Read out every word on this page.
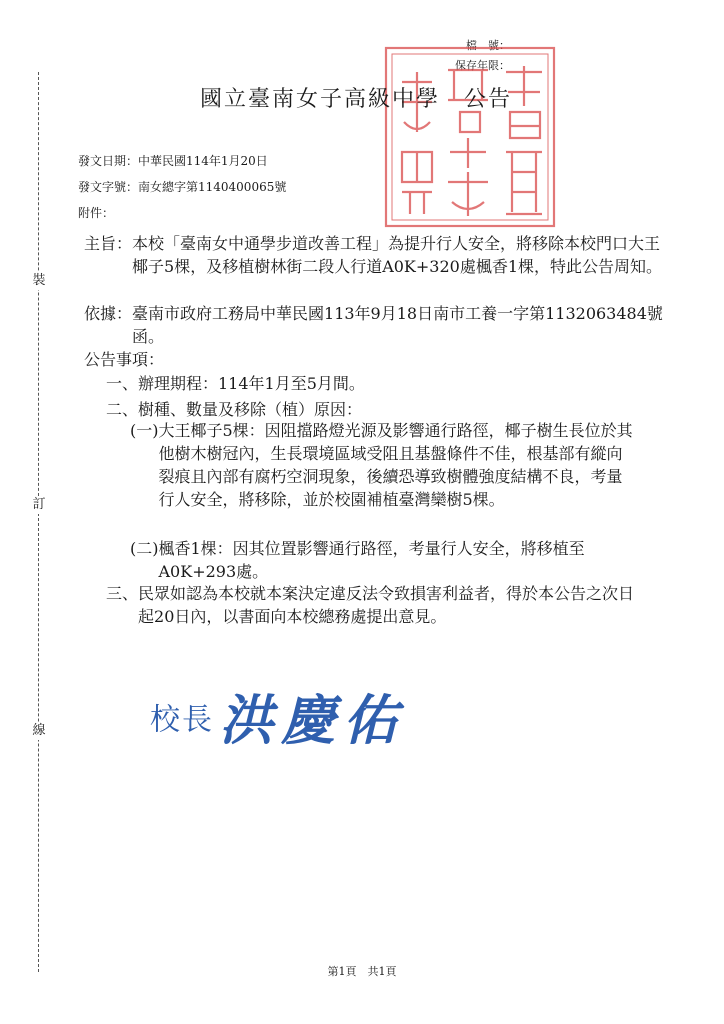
檔　號：
保存年限：
裝
訂
線
國立臺南女子高級中學　公告
發文日期：中華民國114年1月20日
發文字號：南女總字第1140400065號
附件：
主旨： 本校「臺南女中通學步道改善工程」為提升行人安全，將移除本校門口大王椰子5棵，及移植樹林街二段人行道A0K+320處楓香1棵，特此公告周知。
依據： 臺南市政府工務局中華民國113年9月18日南市工養一字第1132063484號函。
公告事項：
一、辦理期程：114年1月至5月間。
二、樹種、數量及移除（植）原因：
(一) 大王椰子5棵：因阻擋路燈光源及影響通行路徑，椰子樹生長位於其他樹木樹冠內，生長環境區域受阻且基盤條件不佳，根基部有縱向裂痕且內部有腐朽空洞現象，後續恐導致樹體強度結構不良，考量行人安全，將移除，並於校園補植臺灣欒樹5棵。
(二) 楓香1棵：因其位置影響通行路徑，考量行人安全，將移植至A0K+293處。
三、 民眾如認為本校就本案決定違反法令致損害利益者，得於本公告之次日起20日內，以書面向本校總務處提出意見。
校長 洪慶佑
第1頁　共1頁
